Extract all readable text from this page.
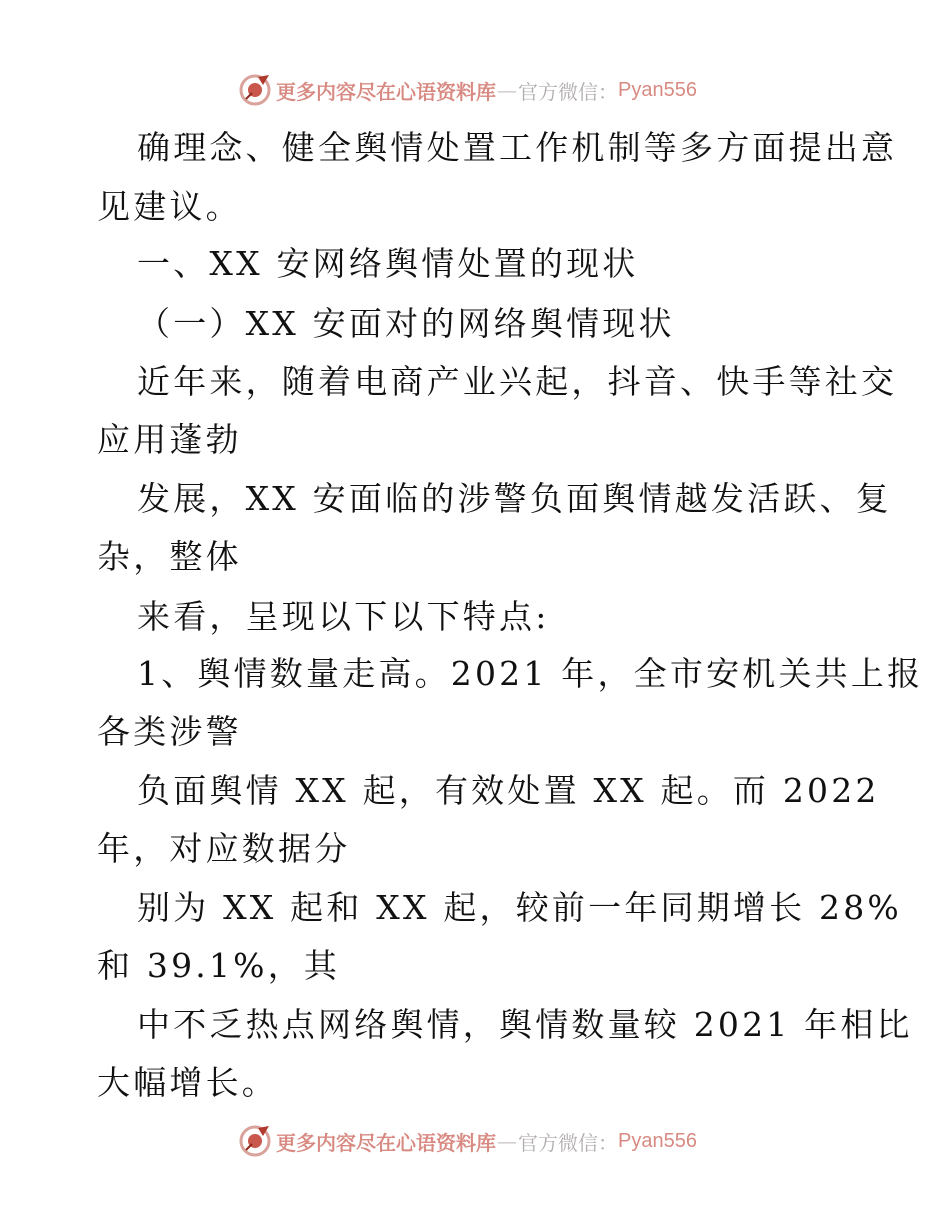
更多内容尽在心语资料库 — 官方微信： Pyan556
确理念、健全舆情处置工作机制等多方面提出意
见建议。
一、XX 安网络舆情处置的现状
（一）XX 安面对的网络舆情现状
近年来，随着电商产业兴起，抖音、快手等社交
应用蓬勃
发展，XX 安面临的涉警负面舆情越发活跃、复
杂，整体
来看，呈现以下以下特点:
1、舆情数量走高。2021 年，全市安机关共上报
各类涉警
负面舆情 XX 起，有效处置 XX 起。而 2022
年，对应数据分
别为 XX 起和 XX 起，较前一年同期增长 28%
和 39.1%，其
中不乏热点网络舆情，舆情数量较 2021 年相比
大幅增长。
更多内容尽在心语资料库 — 官方微信： Pyan556
